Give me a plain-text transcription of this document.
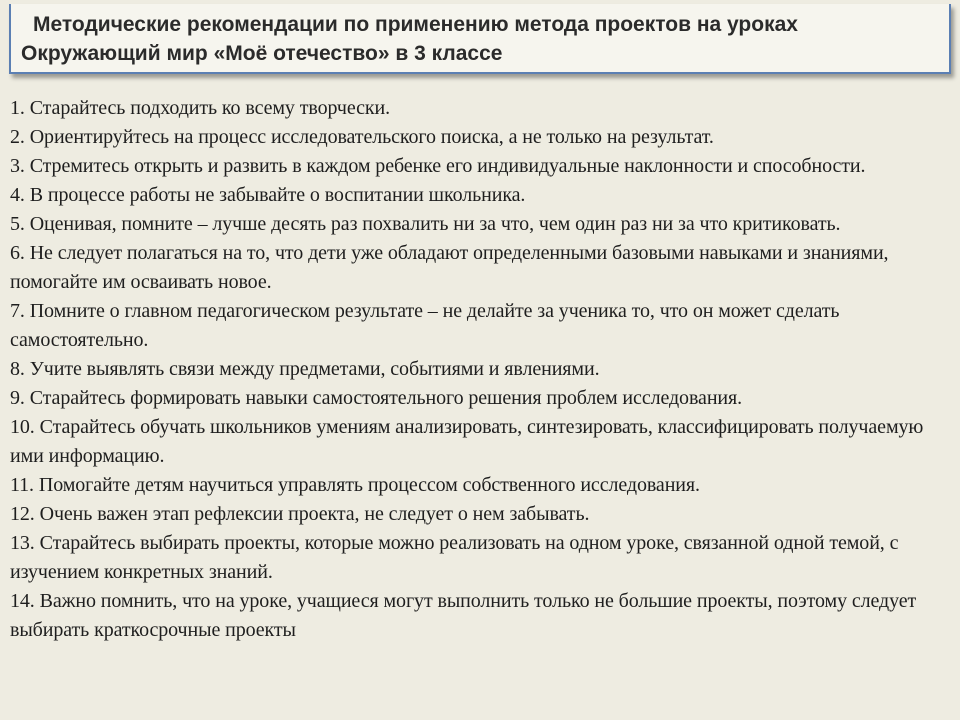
Методические рекомендации по применению метода проектов на уроках
Окружающий мир «Моё отечество» в 3 классе
1. Старайтесь подходить ко всему творчески.
2. Ориентируйтесь на процесс исследовательского поиска, а не только на результат.
3. Стремитесь открыть и развить в каждом ребенке его индивидуальные наклонности и способности.
4. В процессе работы не забывайте о воспитании школьника.
5. Оценивая, помните – лучше десять раз похвалить ни за что, чем один раз ни за что критиковать.
6. Не следует полагаться на то, что дети уже обладают определенными базовыми навыками и знаниями, помогайте им осваивать новое.
7. Помните о главном педагогическом результате – не делайте за ученика то, что он может сделать самостоятельно.
8. Учите выявлять связи между предметами, событиями и явлениями.
9. Старайтесь формировать навыки самостоятельного решения проблем исследования.
10. Старайтесь обучать школьников умениям анализировать, синтезировать, классифицировать получаемую ими информацию.
11. Помогайте детям научиться управлять процессом собственного исследования.
12. Очень важен этап рефлексии проекта, не следует о нем забывать.
13. Старайтесь выбирать проекты, которые можно реализовать на одном уроке, связанной одной темой, с изучением конкретных знаний.
14. Важно помнить, что на уроке, учащиеся могут выполнить только не большие проекты, поэтому следует выбирать краткосрочные проекты
